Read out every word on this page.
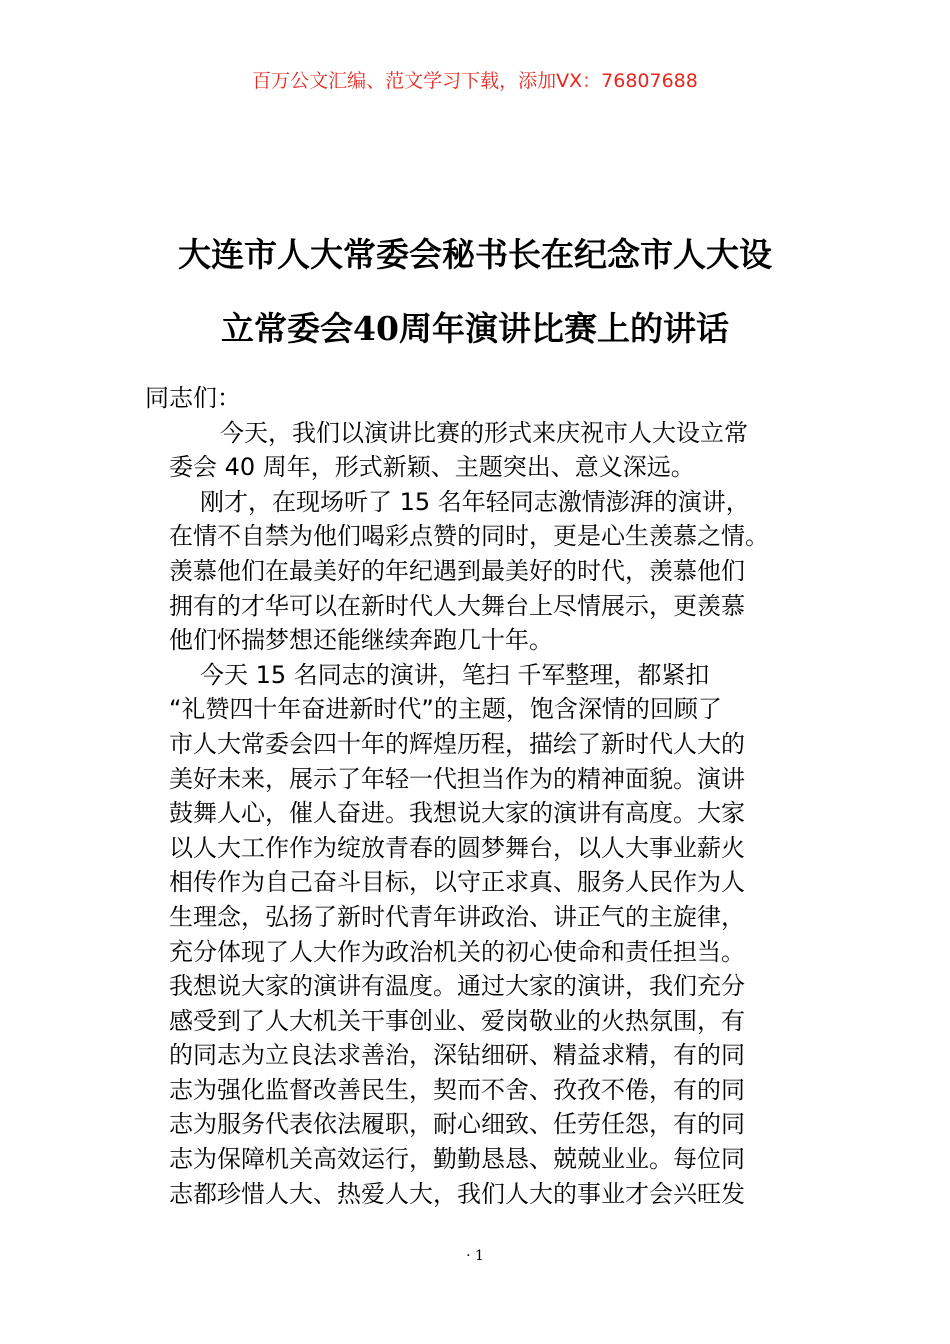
百万公文汇编、范文学习下载，添加VX：76807688
大连市人大常委会秘书长在纪念市人大设
立常委会40周年演讲比赛上的讲话
同志们：
今天，我们以演讲比赛的形式来庆祝市人大设立常
委会 40 周年，形式新颖、主题突出、意义深远。
刚才，在现场听了 15 名年轻同志激情澎湃的演讲，
在情不自禁为他们喝彩点赞的同时，更是心生羡慕之情。
羡慕他们在最美好的年纪遇到最美好的时代，羡慕他们
拥有的才华可以在新时代人大舞台上尽情展示，更羡慕
他们怀揣梦想还能继续奔跑几十年。
今天 15 名同志的演讲，笔扫 千军整理，都紧扣
“礼赞四十年奋进新时代”的主题，饱含深情的回顾了
市人大常委会四十年的辉煌历程，描绘了新时代人大的
美好未来，展示了年轻一代担当作为的精神面貌。演讲
鼓舞人心，催人奋进。我想说大家的演讲有高度。大家
以人大工作作为绽放青春的圆梦舞台，以人大事业薪火
相传作为自己奋斗目标，以守正求真、服务人民作为人
生理念，弘扬了新时代青年讲政治、讲正气的主旋律，
充分体现了人大作为政治机关的初心使命和责任担当。
我想说大家的演讲有温度。通过大家的演讲，我们充分
感受到了人大机关干事创业、爱岗敬业的火热氛围，有
的同志为立良法求善治，深钻细研、精益求精，有的同
志为强化监督改善民生，契而不舍、孜孜不倦，有的同
志为服务代表依法履职，耐心细致、任劳任怨，有的同
志为保障机关高效运行，勤勤恳恳、兢兢业业。每位同
志都珍惜人大、热爱人大，我们人大的事业才会兴旺发
· 1
